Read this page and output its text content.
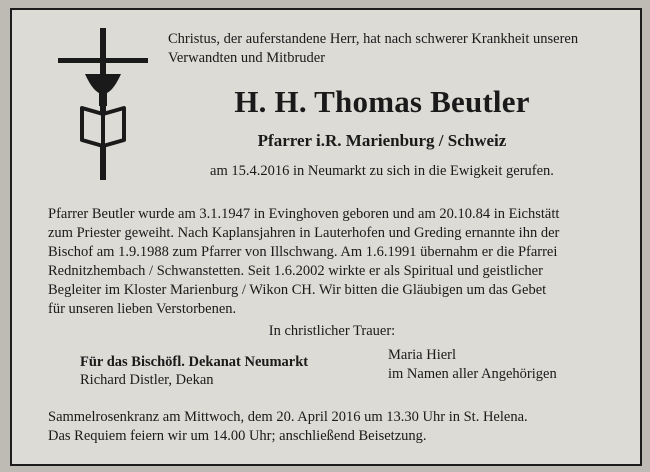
Christus, der auferstandene Herr, hat nach schwerer Krankheit unseren Verwandten und Mitbruder
H. H. Thomas Beutler
Pfarrer i.R. Marienburg / Schweiz
am 15.4.2016 in Neumarkt zu sich in die Ewigkeit gerufen.
Pfarrer Beutler wurde am 3.1.1947 in Evinghoven geboren und am 20.10.84 in Eichstätt
zum Priester geweiht. Nach Kaplansjahren in Lauterhofen und Greding ernannte ihn der
Bischof am 1.9.1988 zum Pfarrer von Illschwang. Am 1.6.1991 übernahm er die Pfarrei
Rednitzhembach / Schwanstetten. Seit 1.6.2002 wirkte er als Spiritual und geistlicher
Begleiter im Kloster Marienburg / Wikon CH. Wir bitten die Gläubigen um das Gebet
für unseren lieben Verstorbenen.
In christlicher Trauer:
Für das Bischöfl. Dekanat Neumarkt
Richard Distler, Dekan
Maria Hierl
im Namen aller Angehörigen
Sammelrosenkranz am Mittwoch, dem 20. April 2016 um 13.30 Uhr in St. Helena.
Das Requiem feiern wir um 14.00 Uhr; anschließend Beisetzung.
